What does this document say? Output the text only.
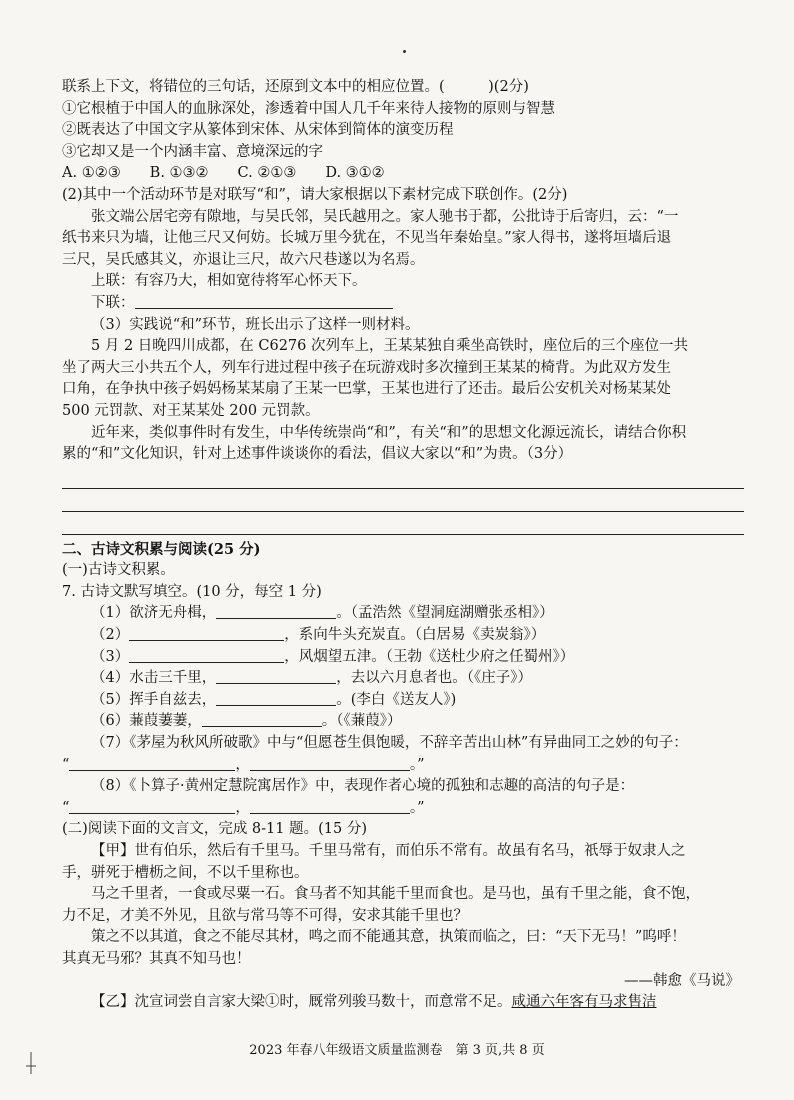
联系上下文，将错位的三句话，还原到文本中的相应位置。(　　　)(2分)

①它根植于中国人的血脉深处，渗透着中国人几千年来待人接物的原则与智慧

②既表达了中国文字从篆体到宋体、从宋体到简体的演变历程

③它却又是一个内涵丰富、意境深远的字

A. ①②③　　B. ①③②　　C. ②①③　　D. ③①②

(2)其中一个活动环节是对联写“和”，请大家根据以下素材完成下联创作。(2分)

张文端公居宅旁有隙地，与吴氏邻，吴氏越用之。家人驰书于都，公批诗于后寄归，云：“一

纸书来只为墙，让他三尺又何妨。长城万里今犹在，不见当年秦始皇。”家人得书，遂将垣墙后退

三尺，吴氏感其义，亦退让三尺，故六尺巷遂以为名焉。

上联：有容乃大，相如宽待将军心怀天下。

下联：

（3）实践说“和”环节，班长出示了这样一则材料。

5 月 2 日晚四川成都，在 C6276 次列车上，王某某独自乘坐高铁时，座位后的三个座位一共

坐了两大三小共五个人，列车行进过程中孩子在玩游戏时多次撞到王某某的椅背。为此双方发生

口角，在争执中孩子妈妈杨某某扇了王某一巴掌，王某也进行了还击。最后公安机关对杨某某处

500 元罚款、对王某某处 200 元罚款。

近年来，类似事件时有发生，中华传统崇尚“和”，有关“和”的思想文化源远流长，请结合你积

累的“和”文化知识，针对上述事件谈谈你的看法，倡议大家以“和”为贵。（3分）

二、古诗文积累与阅读(25 分)

(一)古诗文积累。

7. 古诗文默写填空。(10 分，每空 1 分)

（1）欲济无舟楫，	。（孟浩然《望洞庭湖赠张丞相》）

（2）	，系向牛头充炭直。（白居易《卖炭翁》）

（3）	，风烟望五津。（王勃《送杜少府之任蜀州》）

（4）水击三千里，	，去以六月息者也。（《庄子》）

（5）挥手自兹去，	。(李白《送友人》)

（6）蒹葭萋萋，	。（《蒹葭》）

（7）《茅屋为秋风所破歌》中与“但愿苍生俱饱暖，不辞辛苦出山林”有异曲同工之妙的句子：

“	，	。”

（8）《卜算子·黄州定慧院寓居作》中，表现作者心境的孤独和志趣的高洁的句子是：

“	，	。”

(二)阅读下面的文言文，完成 8-11 题。(15 分)

【甲】世有伯乐，然后有千里马。千里马常有，而伯乐不常有。故虽有名马，祇辱于奴隶人之

手，骈死于槽枥之间，不以千里称也。

马之千里者，一食或尽粟一石。食马者不知其能千里而食也。是马也，虽有千里之能，食不饱，

力不足，才美不外见，且欲与常马等不可得，安求其能千里也？

策之不以其道，食之不能尽其材，鸣之而不能通其意，执策而临之，曰：“天下无马！”呜呼！

其真无马邪？其真不知马也！

——韩愈《马说》

【乙】沈宣词尝自言家大梁①时，厩常列骏马数十，而意常不足。咸通六年客有马求售洁

2023 年春八年级语文质量监测卷　第 3 页,共 8 页
